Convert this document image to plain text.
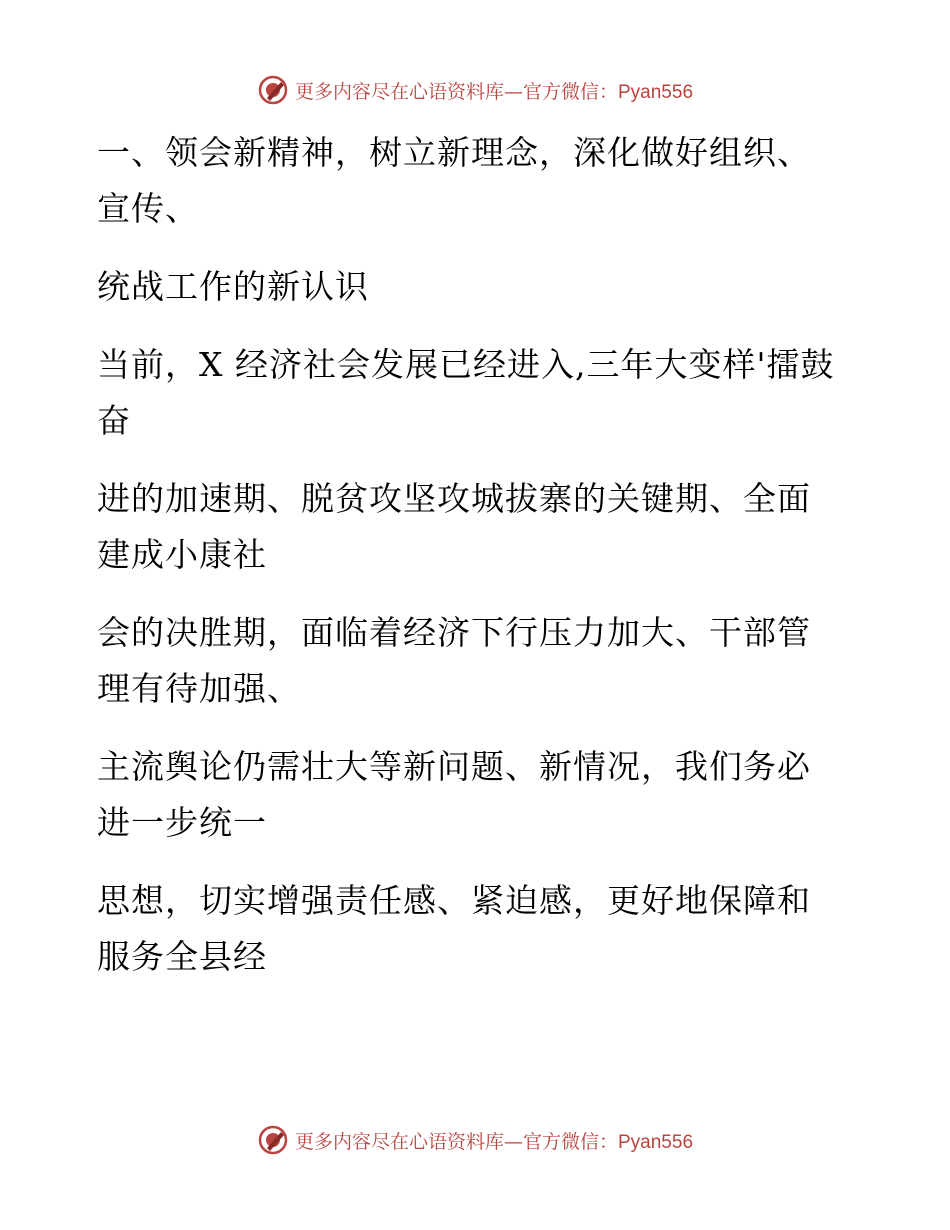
更多内容尽在心语资料库—官方微信：Pyan556

一、领会新精神，树立新理念，深化做好组织、
宣传、

统战工作的新认识

当前，X 经济社会发展已经进入,三年大变样'擂鼓
奋

进的加速期、脱贫攻坚攻城拔寨的关键期、全面
建成小康社

会的决胜期，面临着经济下行压力加大、干部管
理有待加强、

主流舆论仍需壮大等新问题、新情况，我们务必
进一步统一

思想，切实增强责任感、紧迫感，更好地保障和
服务全县经

更多内容尽在心语资料库—官方微信：Pyan556
